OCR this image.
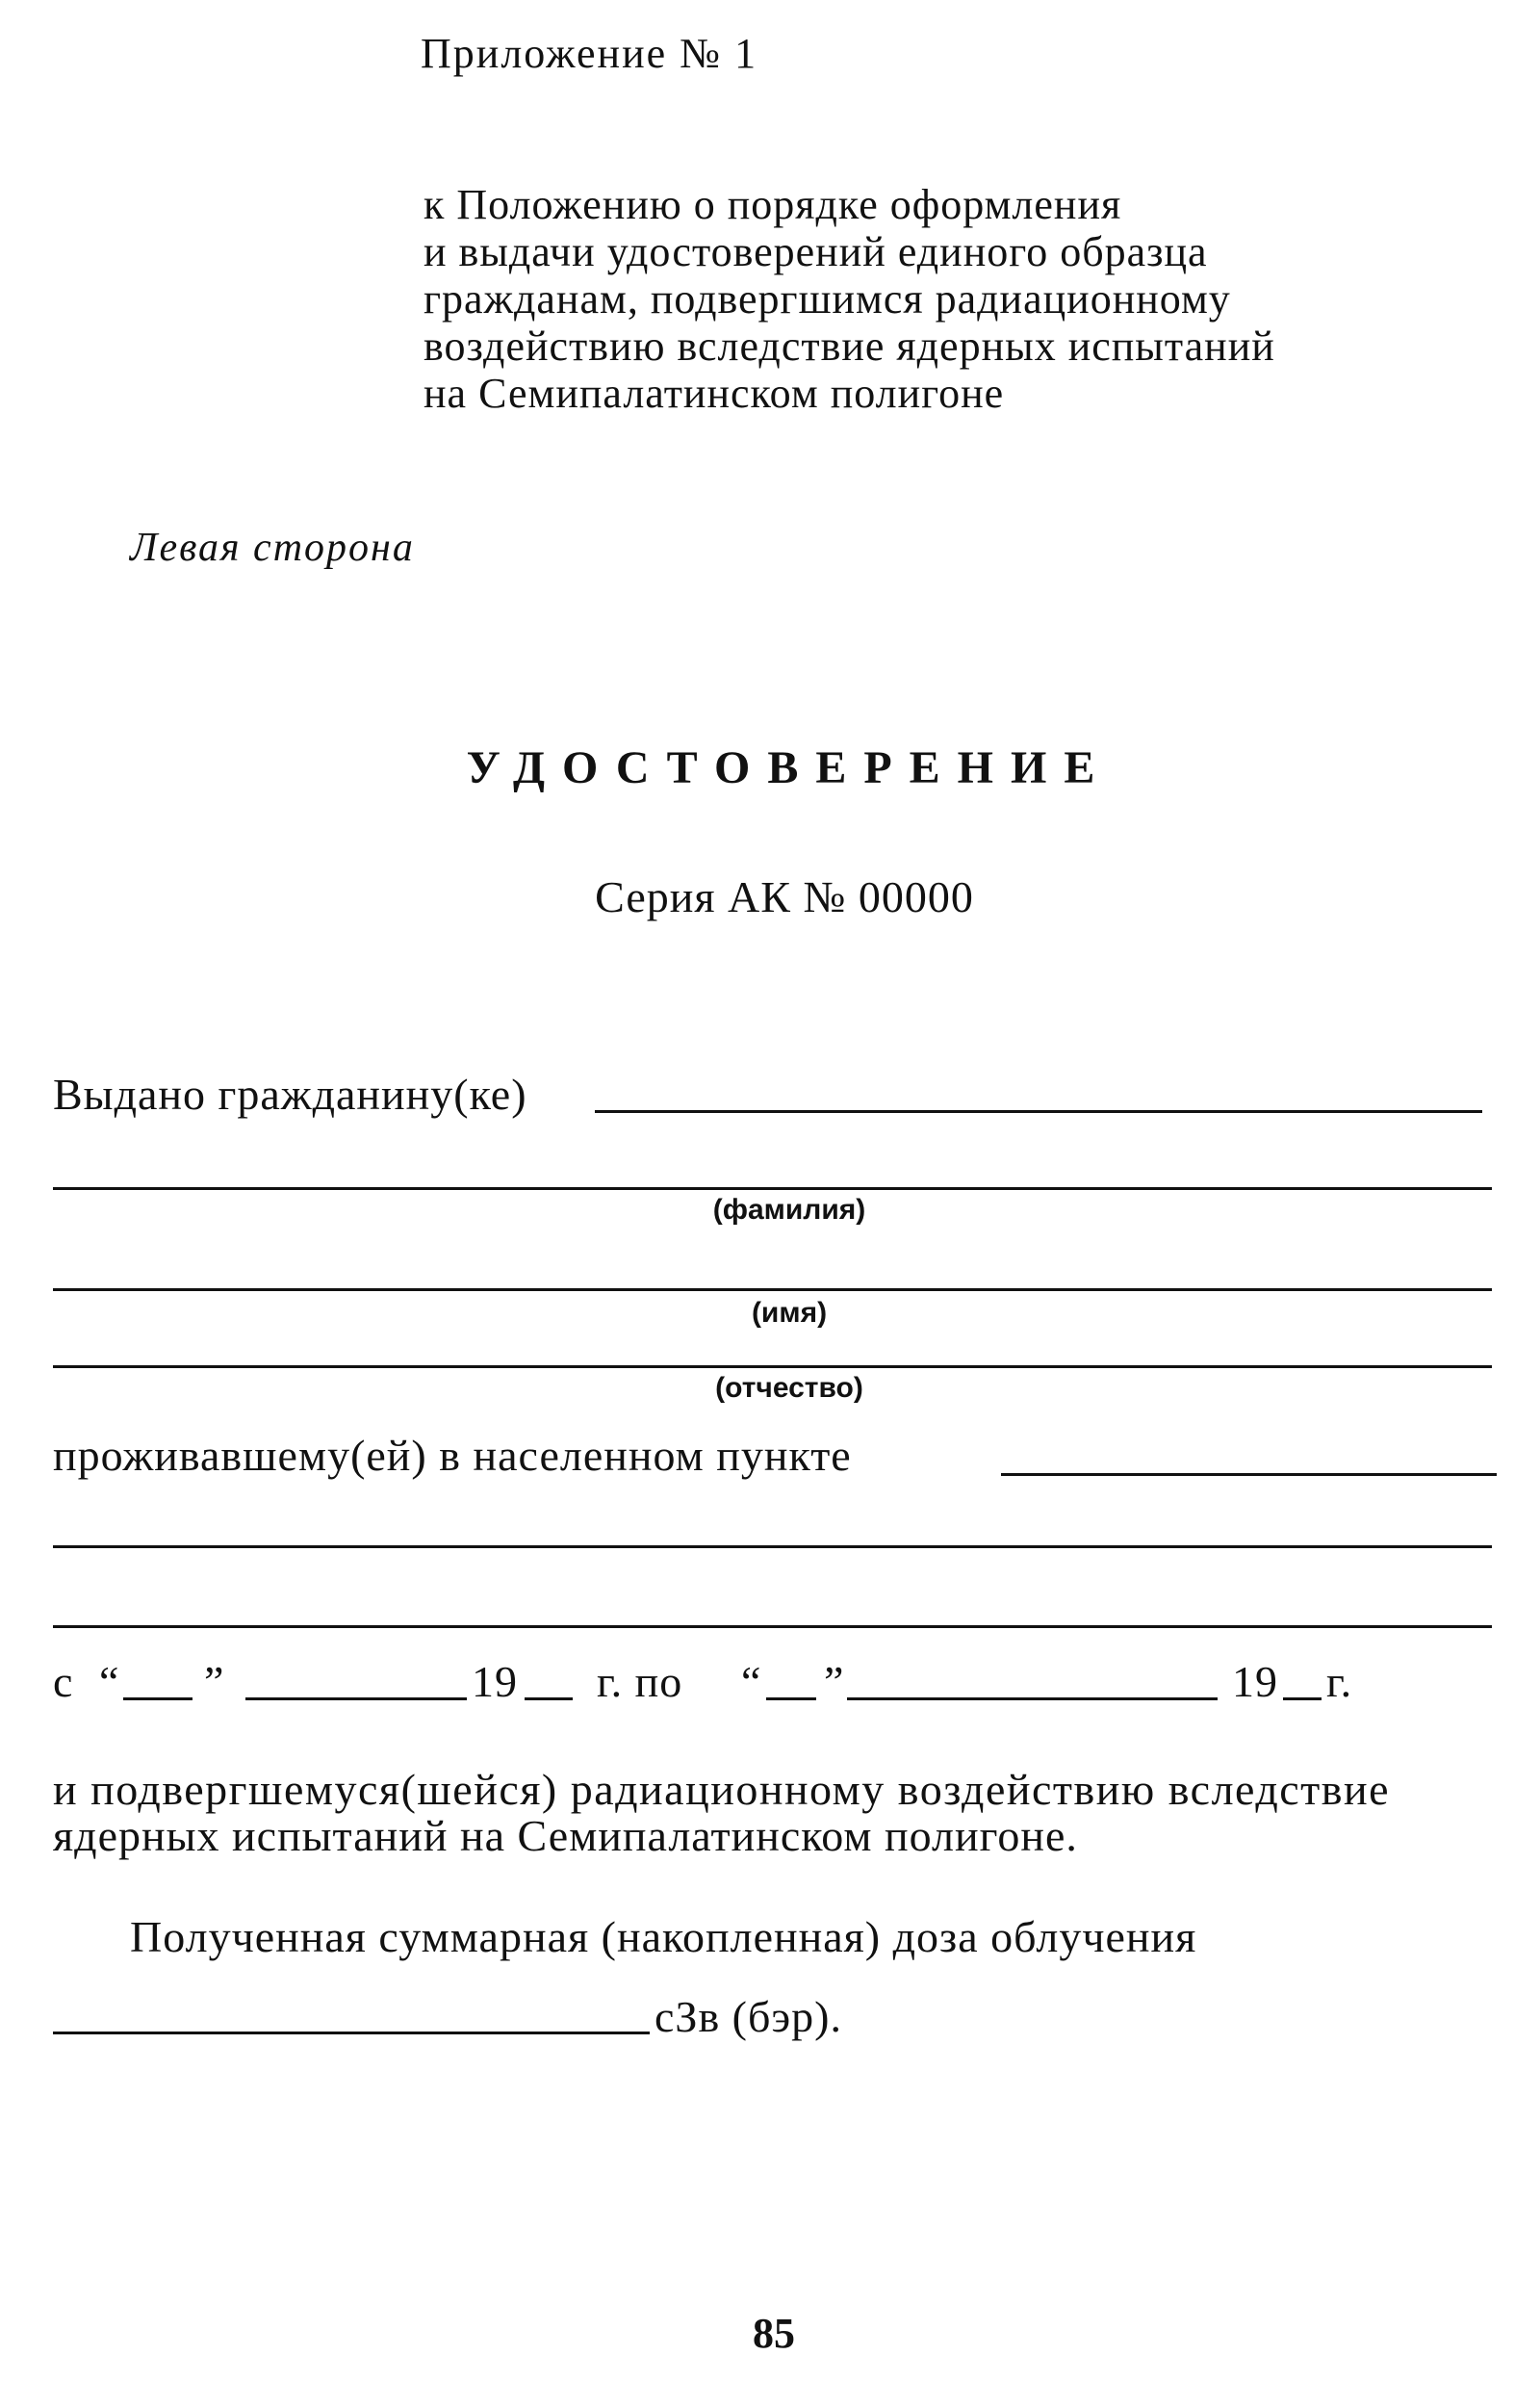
Приложение № 1
к Положению о порядке оформления
и выдачи удостоверений единого образца
гражданам, подвергшимся радиационному
воздействию вследствие ядерных испытаний
на Семипалатинском полигоне
Левая сторона
УДОСТОВЕРЕНИЕ
Серия АК № 00000
Выдано гражданину(ке)
(фамилия)
(имя)
(отчество)
проживавшему(ей) в населенном пункте
с “ ”	19 г. по “ ”	19 г.
и подвергшемуся(шейся) радиационному воздействию вследствие
ядерных испытаний на Семипалатинском полигоне.
Полученная суммарная (накопленная) доза облучения
сЗв (бэр).
85
